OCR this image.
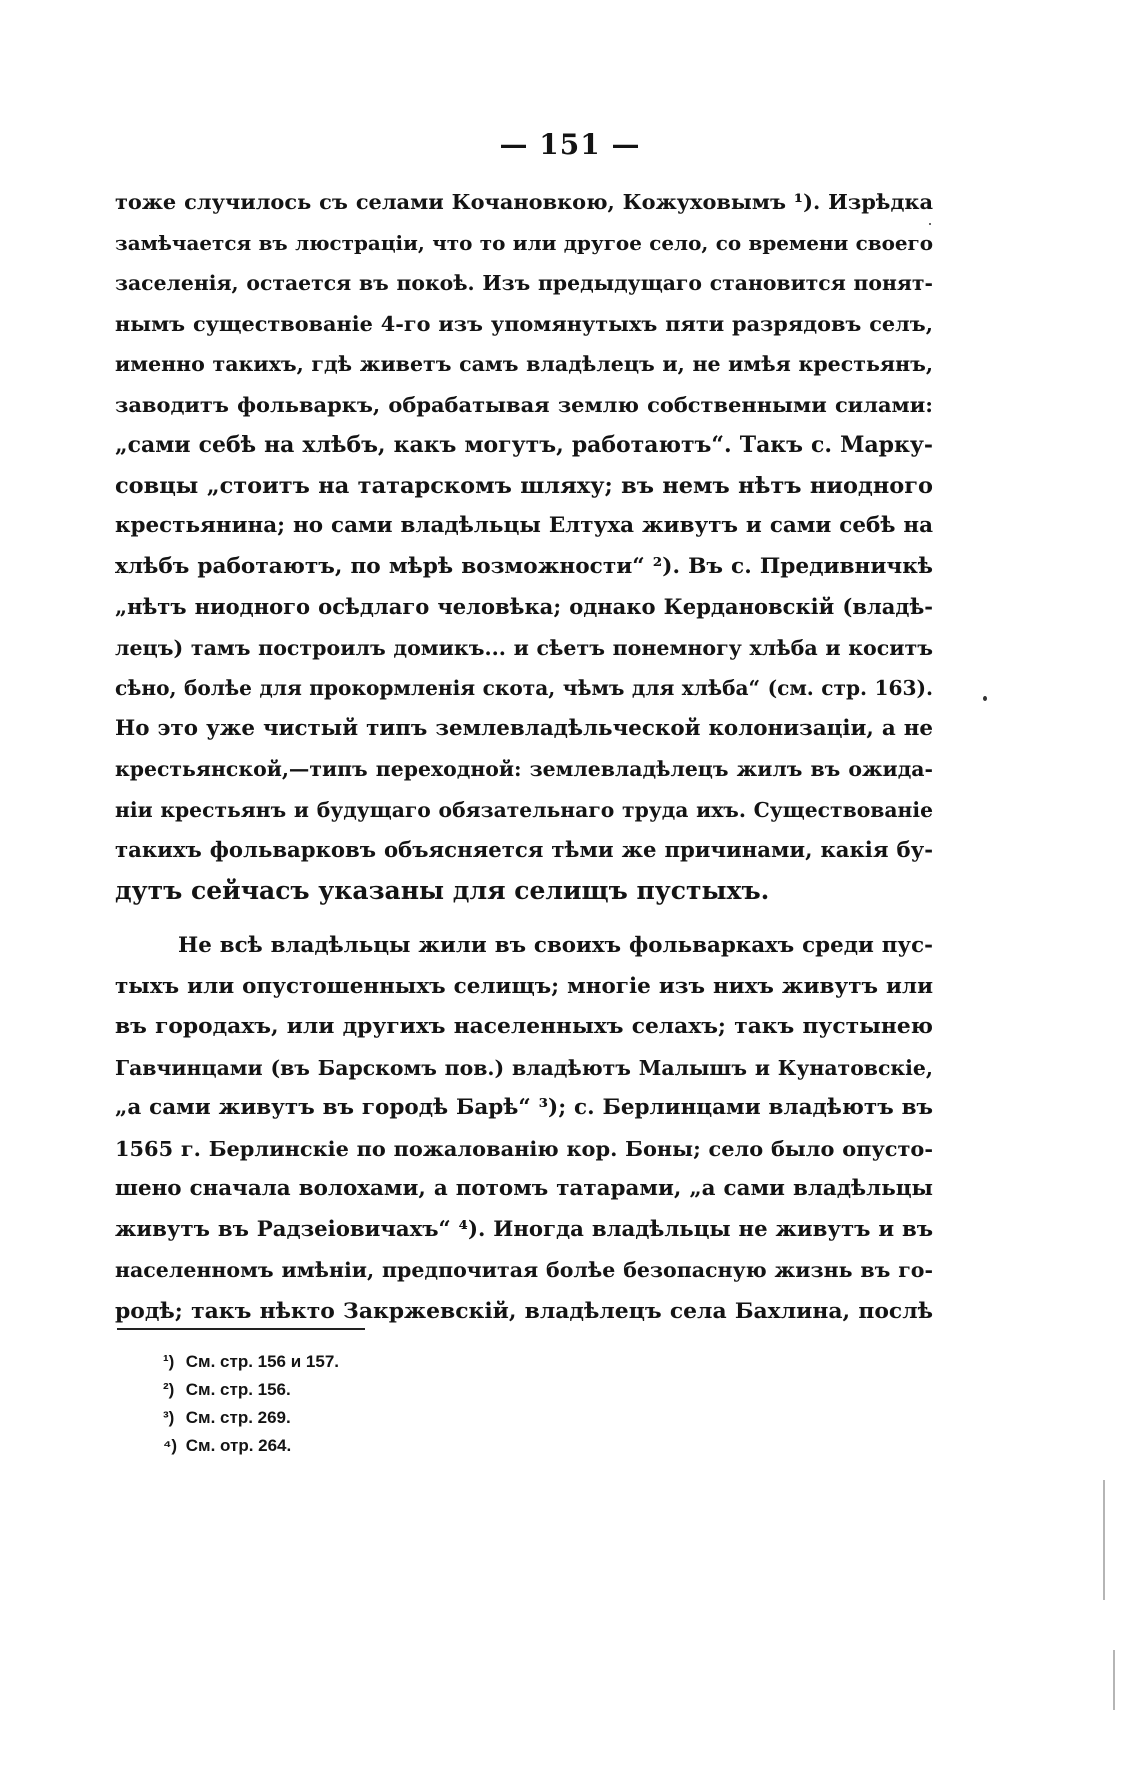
— 151 —
тоже случилось съ селами Кочановкою, Кожуховымъ ¹). Изрѣдка
замѣчается въ люстраціи, что то или другое село, со времени своего
заселенія, остается въ покоѣ. Изъ предыдущаго становится понят-
нымъ существованіе 4-го изъ упомянутыхъ пяти разрядовъ селъ,
именно такихъ, гдѣ живетъ самъ владѣлецъ и, не имѣя крестьянъ,
заводитъ фольваркъ, обрабатывая землю собственными силами:
„сами себѣ на хлѣбъ, какъ могутъ, работаютъ“. Такъ с. Марку-
совцы „стоитъ на татарскомъ шляху; въ немъ нѣтъ ниодного
крестьянина; но сами владѣльцы Елтуха живутъ и сами себѣ на
хлѣбъ работаютъ, по мѣрѣ возможности“ ²). Въ с. Предивничкѣ
„нѣтъ ниодного осѣдлаго человѣка; однако Кердановскій (владѣ-
лецъ) тамъ построилъ домикъ... и сѣетъ понемногу хлѣба и коситъ
сѣно, болѣе для прокормленія скота, чѣмъ для хлѣба“ (см. стр. 163).
Но это уже чистый типъ землевладѣльческой колонизаціи, а не
крестьянской,—типъ переходной: землевладѣлецъ жилъ въ ожида-
ніи крестьянъ и будущаго обязательнаго труда ихъ. Существованіе
такихъ фольварковъ объясняется тѣми же причинами, какія бу-
дутъ сейчасъ указаны для селищъ пустыхъ.
Не всѣ владѣльцы жили въ своихъ фольваркахъ среди пус-
тыхъ или опустошенныхъ селищъ; многіе изъ нихъ живутъ или
въ городахъ, или другихъ населенныхъ селахъ; такъ пустынею
Гавчинцами (въ Барскомъ пов.) владѣютъ Малышъ и Кунатовскіе,
„а сами живутъ въ городѣ Барѣ“ ³); с. Берлинцами владѣютъ въ
1565 г. Берлинскіе по пожалованію кор. Боны; село было опусто-
шено сначала волохами, а потомъ татарами, „а сами владѣльцы
живутъ въ Радзеіовичахъ“ ⁴). Иногда владѣльцы не живутъ и въ
населенномъ имѣніи, предпочитая болѣе безопасную жизнь въ го-
родѣ; такъ нѣкто Закржевскій, владѣлецъ села Бахлина, послѣ
¹) См. стр. 156 и 157.
²) См. стр. 156.
³) См. стр. 269.
⁴) См. отр. 264.
